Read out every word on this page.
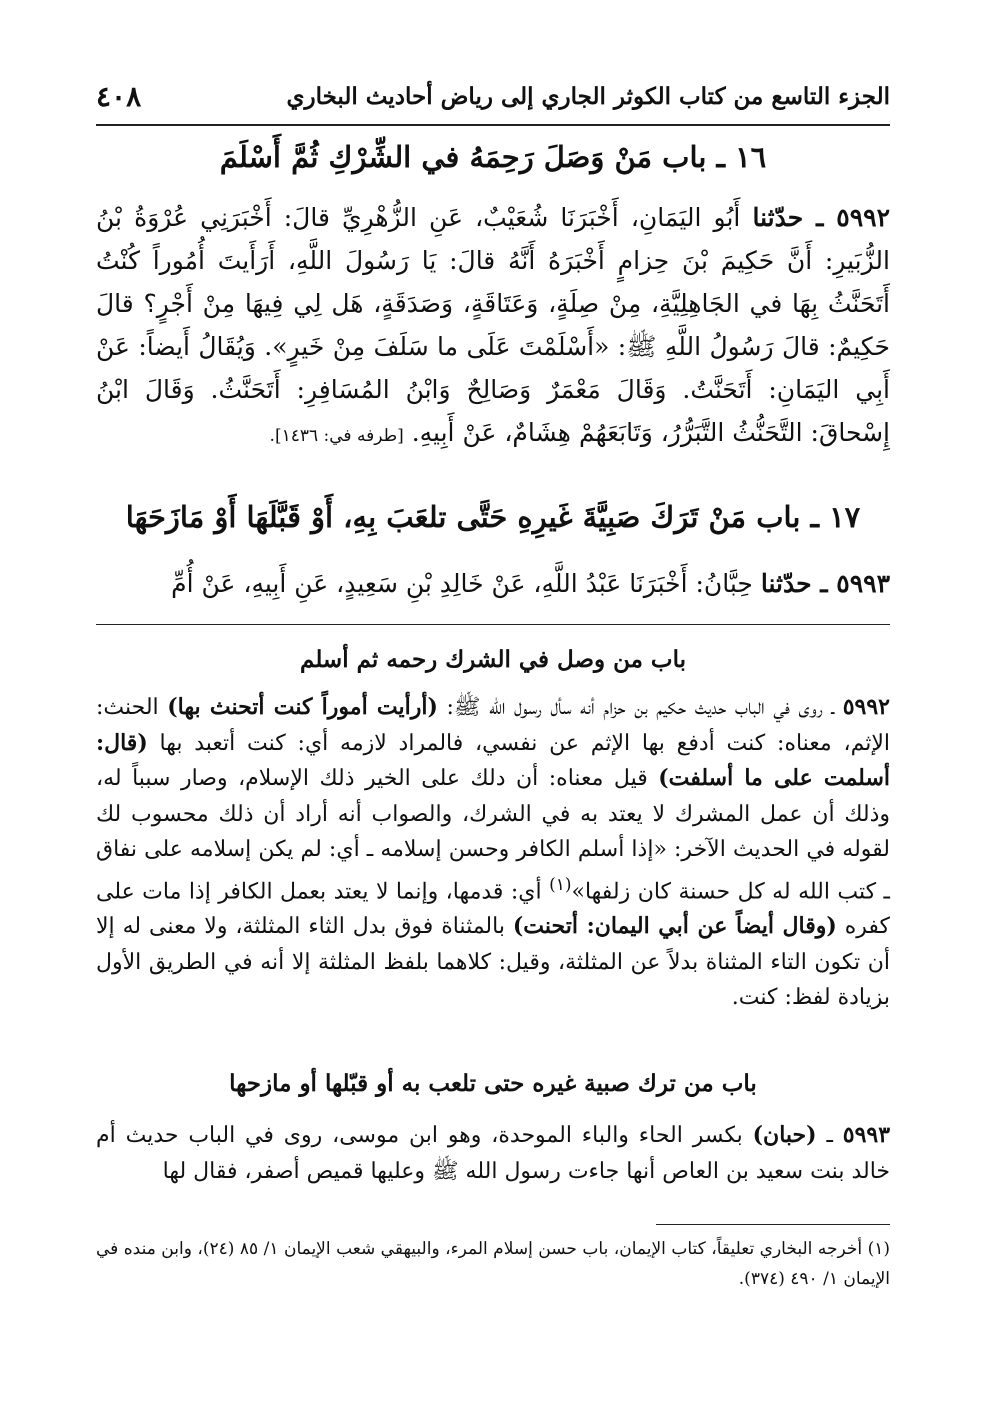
الجزء التاسع من كتاب الكوثر الجاري إلى رياض أحاديث البخاري
٤٠٨
١٦ ـ باب مَنْ وَصَلَ رَحِمَهُ في الشِّرْكِ ثُمَّ أَسْلَمَ
٥٩٩٢ ـ حدّثنا أَبُو اليَمَانِ، أَخْبَرَنَا شُعَيْبٌ، عَنِ الزُّهْرِيِّ قالَ: أَخْبَرَنِي عُرْوَةُ بْنُ الزُّبَيرِ: أَنَّ حَكِيمَ بْنَ حِزامٍ أَخْبَرَهُ أَنَّهُ قالَ: يَا رَسُولَ اللَّهِ، أَرَأَيتَ أُمُوراً كُنْتُ أَتَحَنَّثُ بِهَا في الجَاهِلِيَّةِ، مِنْ صِلَةٍ، وَعَتَاقَةٍ، وَصَدَقَةٍ، هَل لِي فِيهَا مِنْ أَجْرٍ؟ قالَ حَكِيمٌ: قالَ رَسُولُ اللَّهِ ﷺ: «أَسْلَمْتَ عَلَى ما سَلَفَ مِنْ خَيرٍ». وَيُقَالُ أَيضاً: عَنْ أَبِي اليَمَانِ: أَتَحَنَّتُ. وَقَالَ مَعْمَرٌ وَصَالِحٌ وَابْنُ المُسَافِرِ: أَتَحَنَّثُ. وَقَالَ ابْنُ إِسْحاقَ: التَّحَنُّثُ التَّبَرُّرُ، وَتَابَعَهُمْ هِشَامٌ، عَنْ أَبِيهِ. [طرفه في: ١٤٣٦].
١٧ ـ باب مَنْ تَرَكَ صَبِيَّةَ غَيرِهِ حَتَّى تلعَبَ بِهِ، أَوْ قَبَّلَهَا أَوْ مَازَحَهَا
٥٩٩٣ ـ حدّثنا حِبَّانُ: أَخْبَرَنَا عَبْدُ اللَّهِ، عَنْ خَالِدِ بْنِ سَعِيدٍ، عَنِ أَبِيهِ، عَنْ أُمِّ
باب من وصل في الشرك رحمه ثم أسلم
٥٩٩٢ ـ روى في الباب حديث حكيم بن حزام أنه سأل رسول الله ﷺ: (أرأيت أموراً كنت أتحنث بها) الحنث: الإثم، معناه: كنت أدفع بها الإثم عن نفسي، فالمراد لازمه أي: كنت أتعبد بها (قال: أسلمت على ما أسلفت) قيل معناه: أن دلك على الخير ذلك الإسلام، وصار سبباً له، وذلك أن عمل المشرك لا يعتد به في الشرك، والصواب أنه أراد أن ذلك محسوب لك لقوله في الحديث الآخر: «إذا أسلم الكافر وحسن إسلامه ـ أي: لم يكن إسلامه على نفاق ـ كتب الله له كل حسنة كان زلفها»$^{(١)}$ أي: قدمها، وإنما لا يعتد بعمل الكافر إذا مات على كفره (وقال أيضاً عن أبي اليمان: أتحنت) بالمثناة فوق بدل الثاء المثلثة، ولا معنى له إلا أن تكون التاء المثناة بدلاً عن المثلثة، وقيل: كلاهما بلفظ المثلثة إلا أنه في الطريق الأول بزيادة لفظ: كنت.
باب من ترك صبية غيره حتى تلعب به أو قبّلها أو مازحها
٥٩٩٣ ـ (حبان) بكسر الحاء والباء الموحدة، وهو ابن موسى، روى في الباب حديث أم خالد بنت سعيد بن العاص أنها جاءت رسول الله ﷺ وعليها قميص أصفر، فقال لها
(١) أخرجه البخاري تعليقاً، كتاب الإيمان، باب حسن إسلام المرء، والبيهقي شعب الإيمان ١/ ٨٥ (٢٤)، وابن منده في الإيمان ١/ ٤٩٠ (٣٧٤).
